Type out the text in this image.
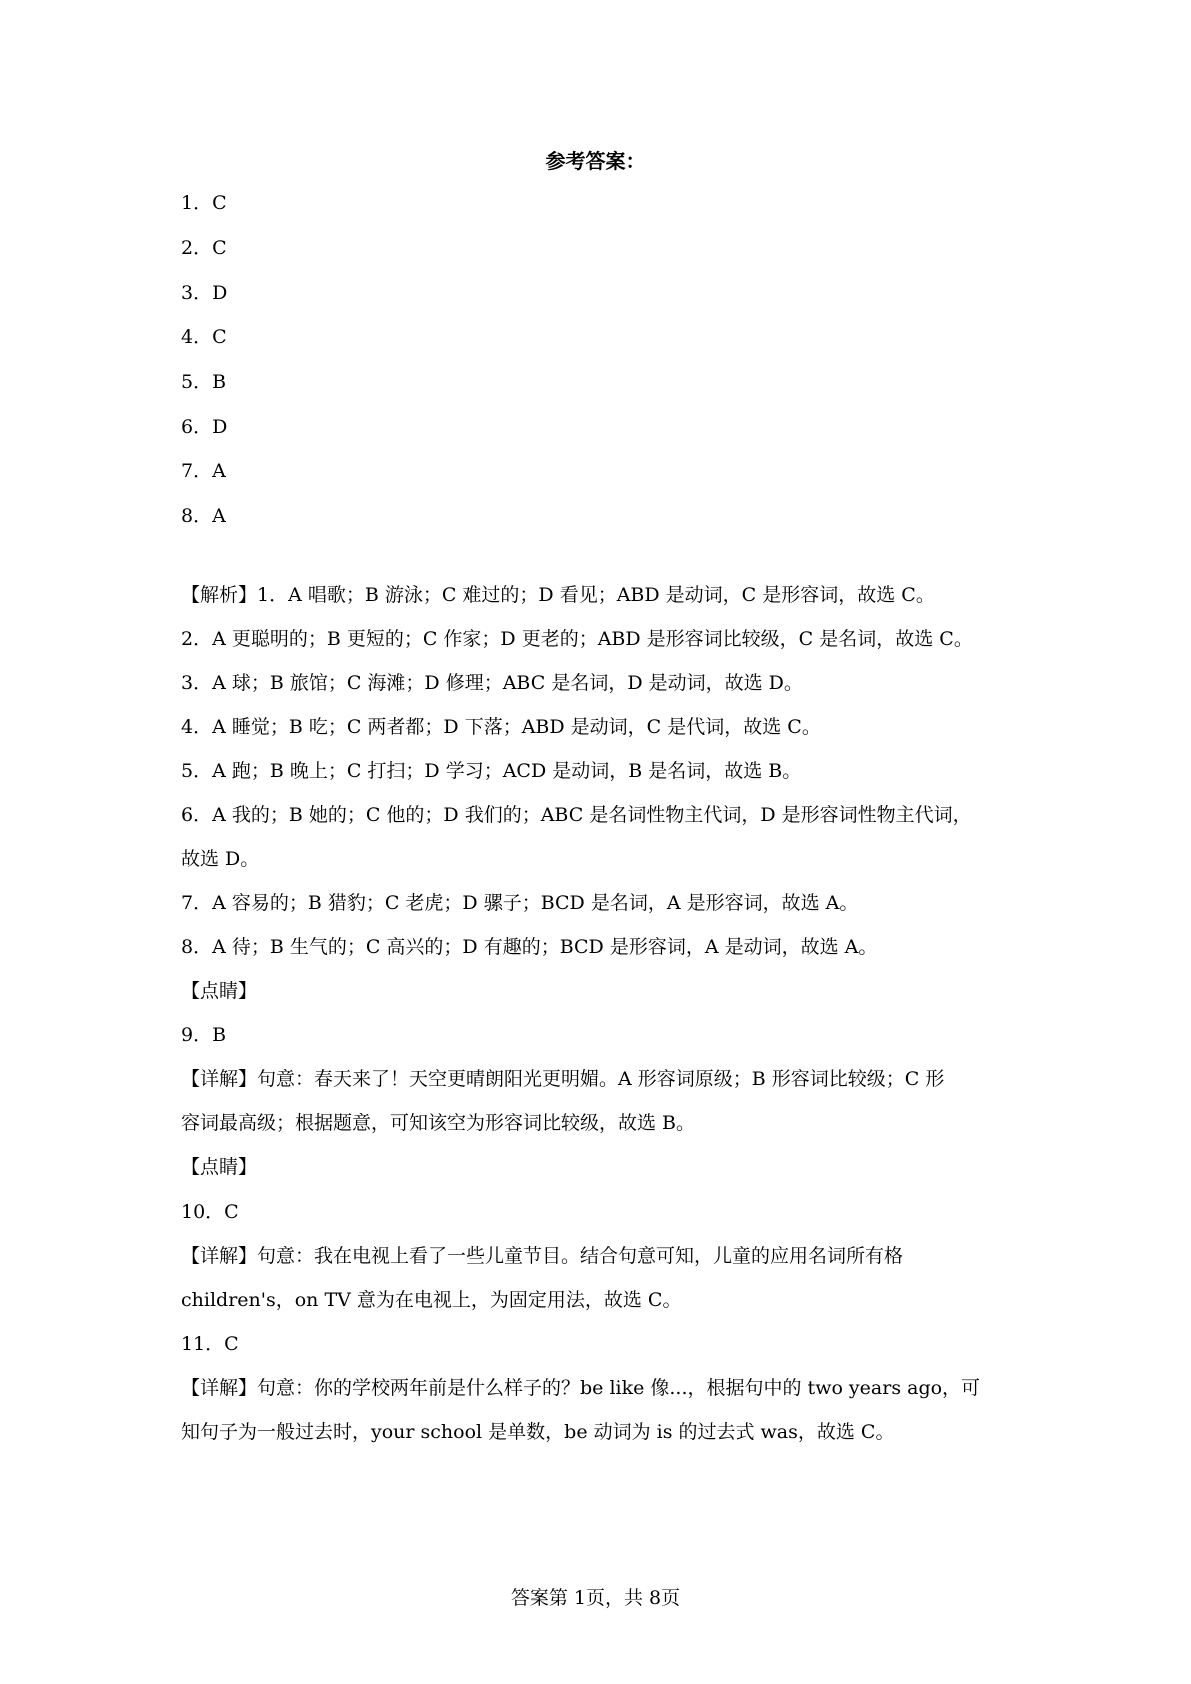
参考答案：
1．C
2．C
3．D
4．C
5．B
6．D
7．A
8．A
【解析】1．A 唱歌；B 游泳；C 难过的；D 看见；ABD 是动词，C 是形容词，故选 C。
2．A 更聪明的；B 更短的；C 作家；D 更老的；ABD 是形容词比较级，C 是名词，故选 C。
3．A 球；B 旅馆；C 海滩；D 修理；ABC 是名词，D 是动词，故选 D。
4．A 睡觉；B 吃；C 两者都；D 下落；ABD 是动词，C 是代词，故选 C。
5．A 跑；B 晚上；C 打扫；D 学习；ACD 是动词，B 是名词，故选 B。
6．A 我的；B 她的；C 他的；D 我们的；ABC 是名词性物主代词，D 是形容词性物主代词，
故选 D。
7．A 容易的；B 猎豹；C 老虎；D 骡子；BCD 是名词，A 是形容词，故选 A。
8．A 待；B 生气的；C 高兴的；D 有趣的；BCD 是形容词，A 是动词，故选 A。
【点睛】
9．B
【详解】句意：春天来了！天空更晴朗阳光更明媚。A 形容词原级；B 形容词比较级；C 形
容词最高级；根据题意，可知该空为形容词比较级，故选 B。
【点睛】
10．C
【详解】句意：我在电视上看了一些儿童节目。结合句意可知，儿童的应用名词所有格
children's，on TV 意为在电视上，为固定用法，故选 C。
11．C
【详解】句意：你的学校两年前是什么样子的？be like 像...，根据句中的 two years ago，可
知句子为一般过去时，your school 是单数，be 动词为 is 的过去式 was，故选 C。
答案第 1页，共 8页
